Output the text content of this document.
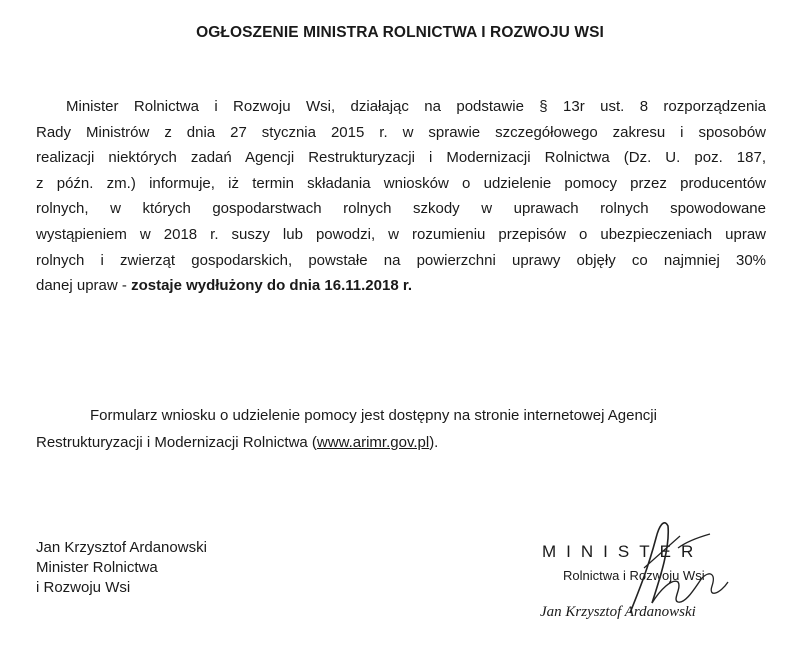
OGŁOSZENIE MINISTRA ROLNICTWA I ROZWOJU WSI
Minister Rolnictwa i Rozwoju Wsi, działając na podstawie § 13r ust. 8 rozporządzenia
Rady Ministrów z dnia 27 stycznia 2015 r. w sprawie szczegółowego zakresu i sposobów
realizacji niektórych zadań Agencji Restrukturyzacji i Modernizacji Rolnictwa (Dz. U. poz. 187,
z późn. zm.) informuje, iż termin składania wniosków o udzielenie pomocy przez producentów
rolnych, w których gospodarstwach rolnych szkody w uprawach rolnych spowodowane
wystąpieniem w 2018 r. suszy lub powodzi, w rozumieniu przepisów o ubezpieczeniach upraw
rolnych i zwierząt gospodarskich, powstałe na powierzchni uprawy objęły co najmniej 30%
danej upraw - zostaje wydłużony do dnia 16.11.2018 r.
Formularz wniosku o udzielenie pomocy jest dostępny na stronie internetowej Agencji
Restrukturyzacji i Modernizacji Rolnictwa (www.arimr.gov.pl).
Jan Krzysztof Ardanowski
Minister Rolnictwa
i Rozwoju Wsi
MINISTER
Rolnictwa i Rozwoju Wsi
Jan Krzysztof Ardanowski
